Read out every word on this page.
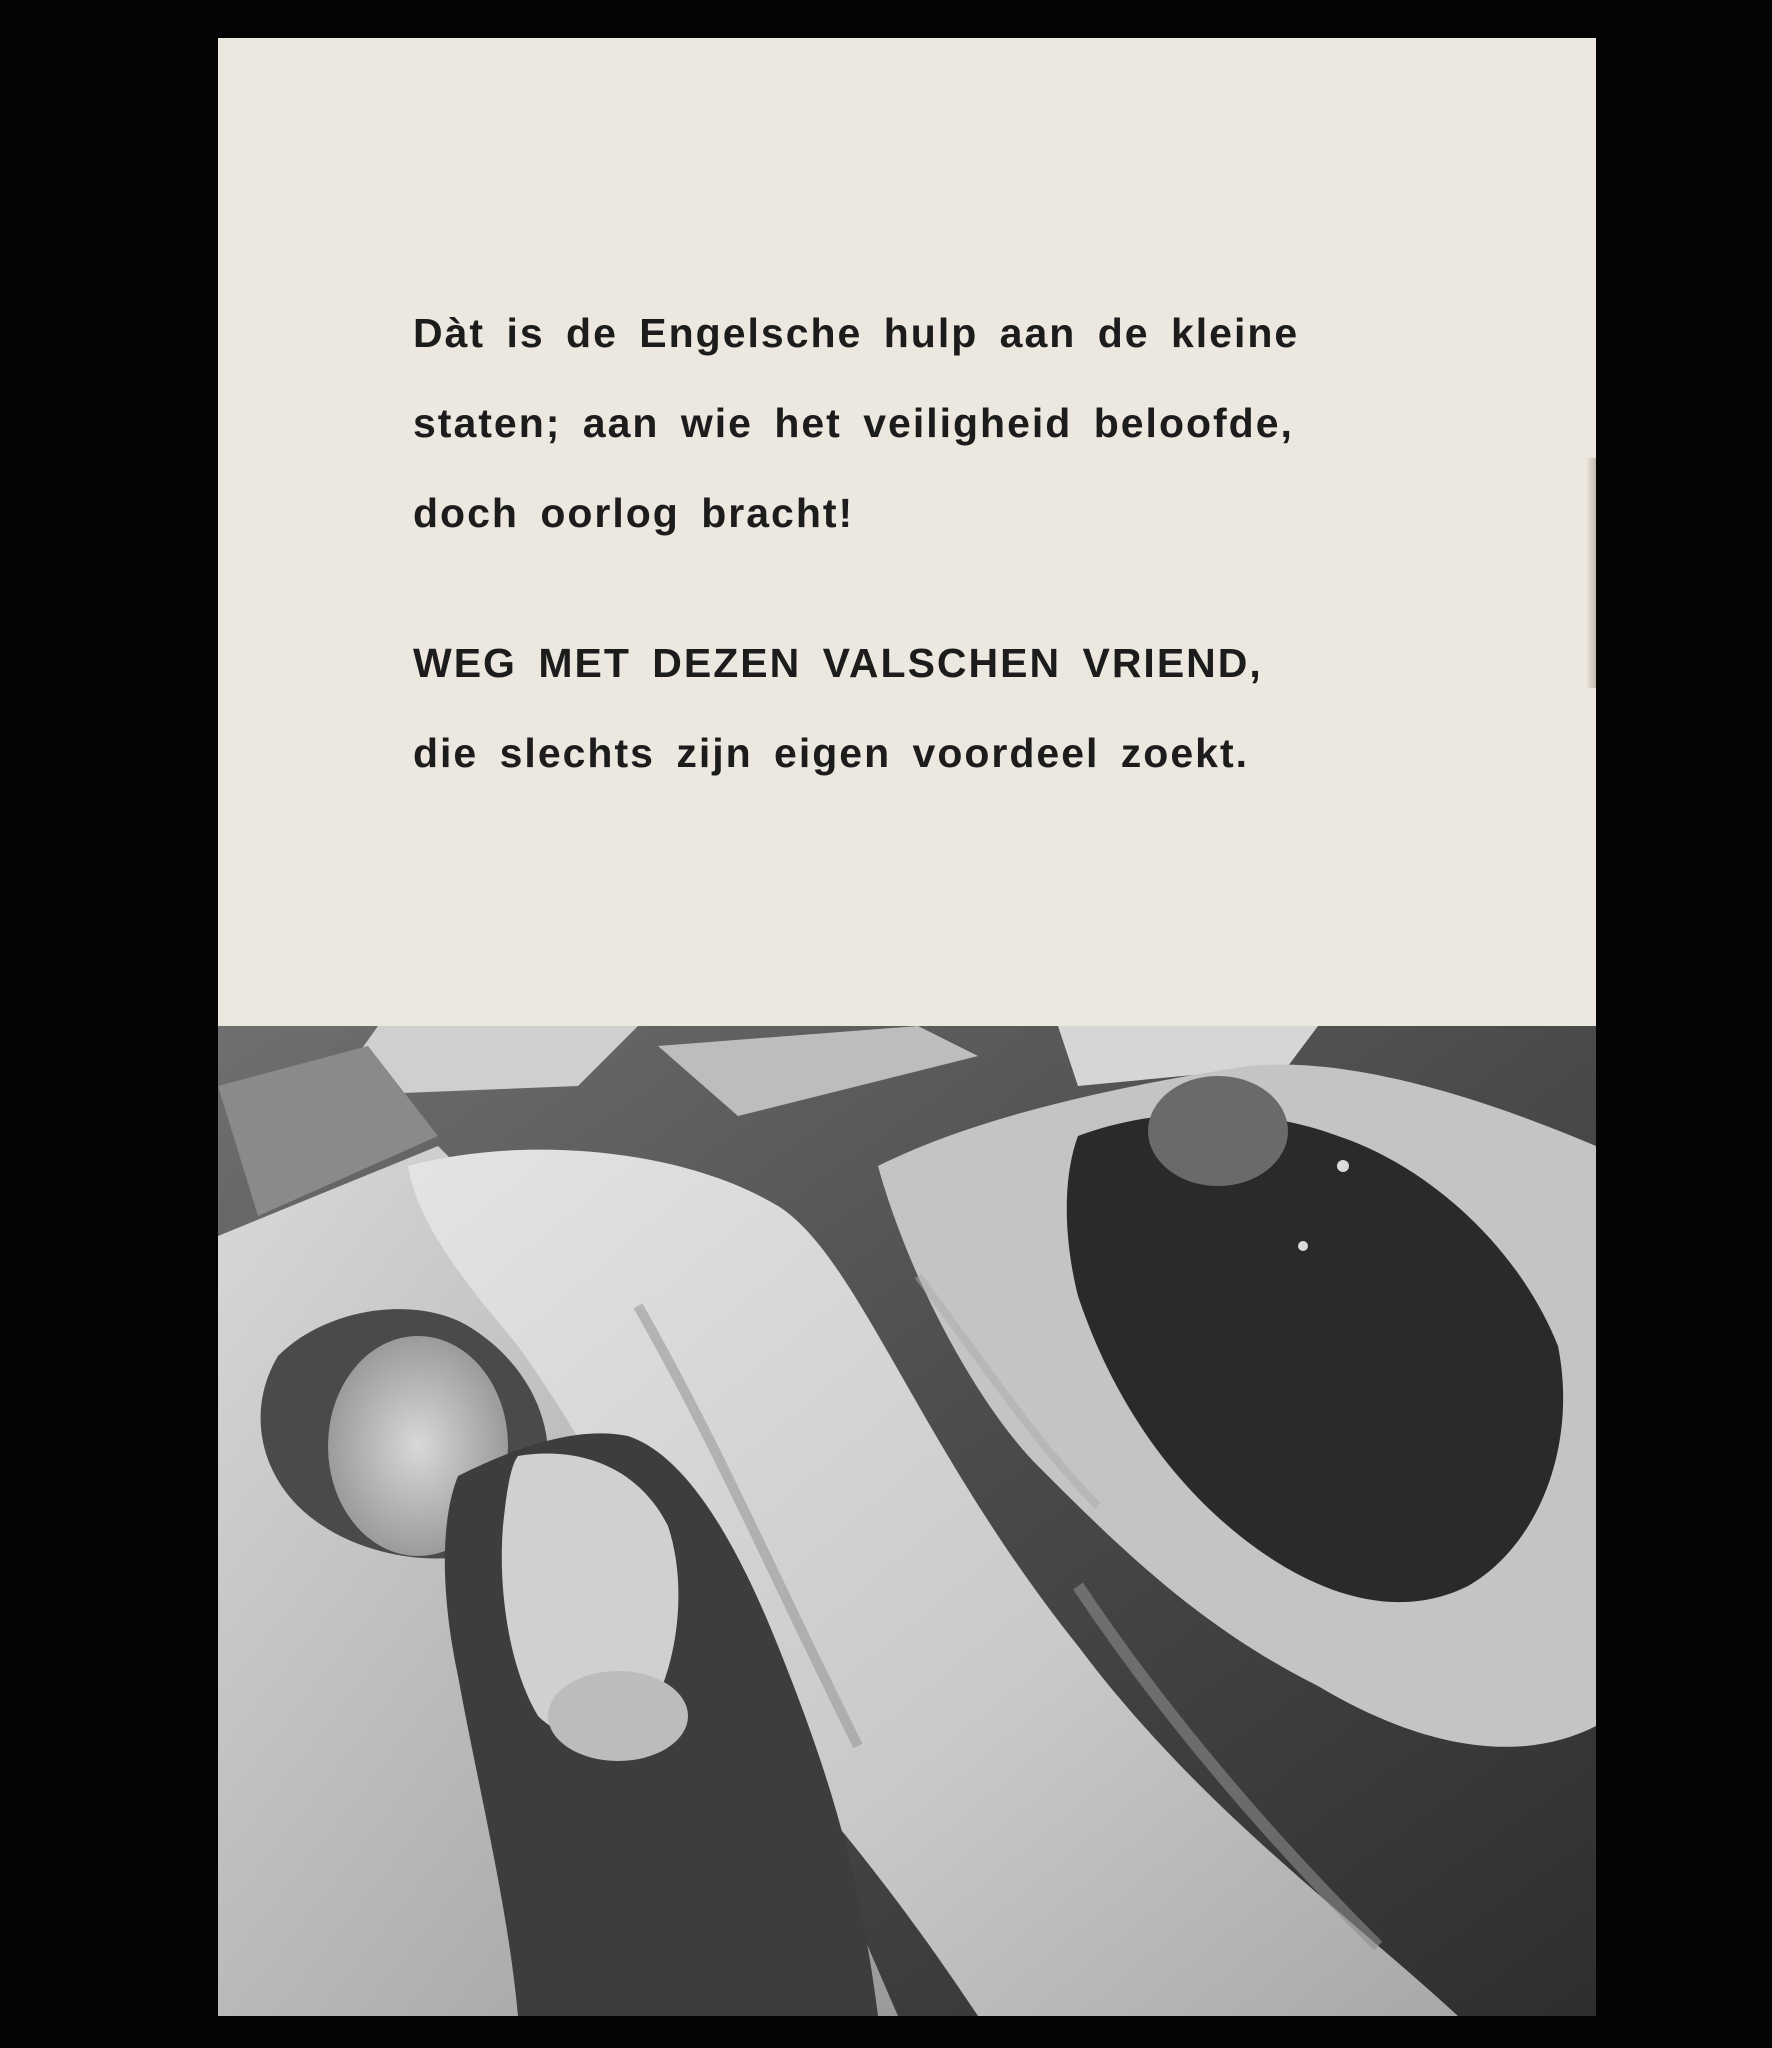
Dàt is de Engelsche hulp aan de kleine
staten; aan wie het veiligheid beloofde,
doch oorlog bracht!
WEG MET DEZEN VALSCHEN VRIEND,
die slechts zijn eigen voordeel zoekt.
